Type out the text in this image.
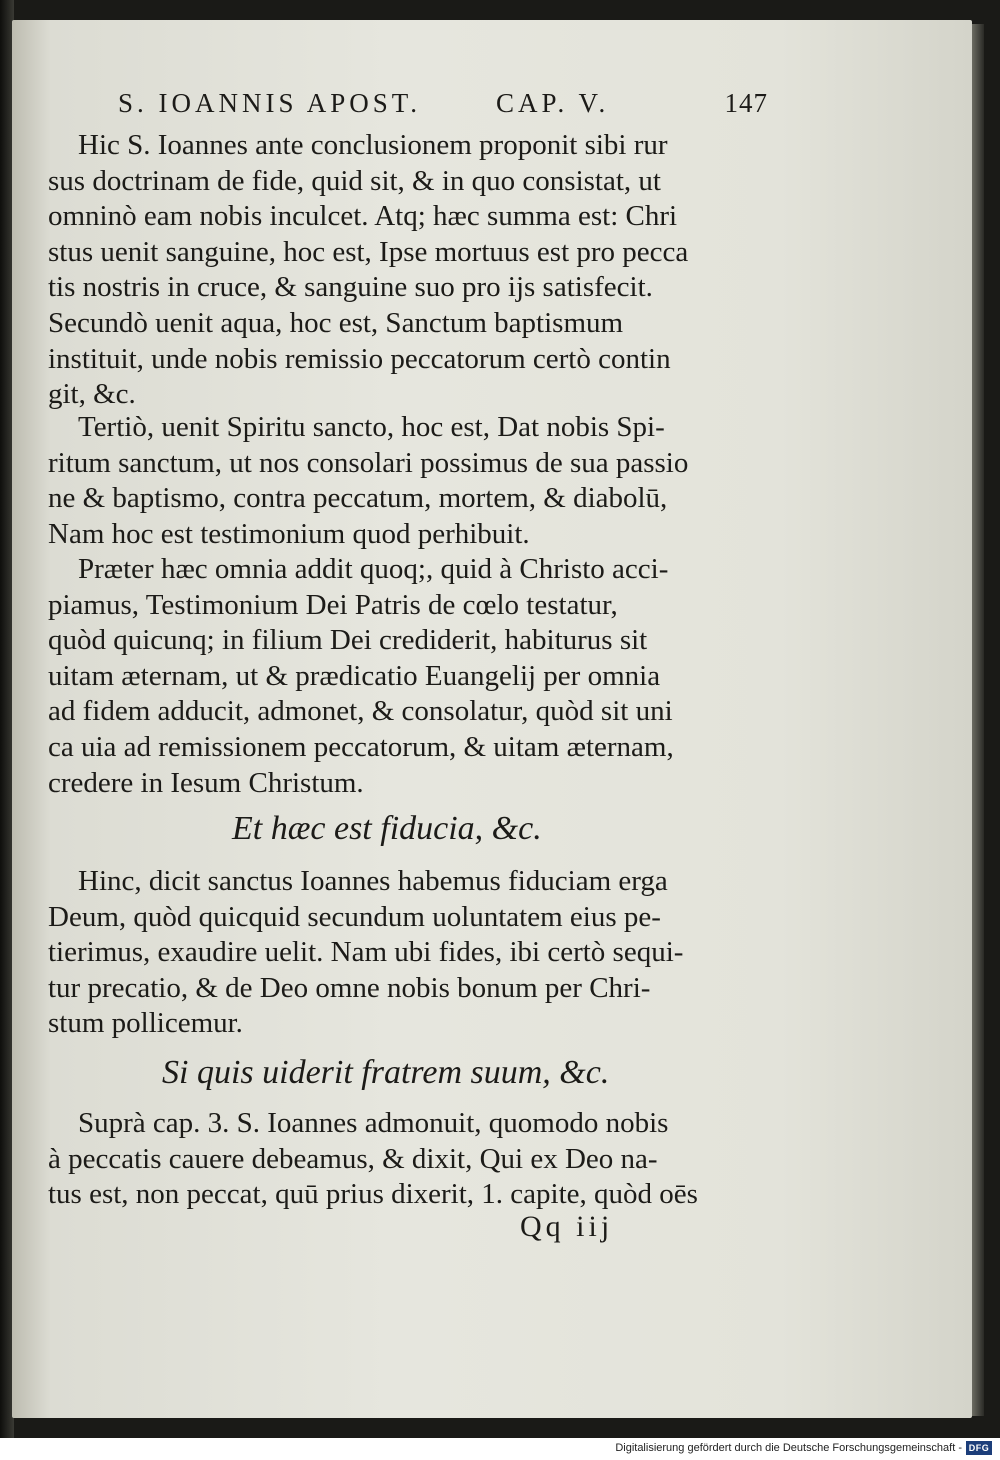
S. IOANNIS APOST.	CAP. V.	147

Hic S. Ioannes ante conclusionem proponit sibi rur

sus doctrinam de fide, quid sit, & in quo consistat, ut

omninò eam nobis inculcet. Atq; hæc summa est: Chri

stus uenit sanguine, hoc est, Ipse mortuus est pro pecca

tis nostris in cruce, & sanguine suo pro ijs satisfecit.

Secundò uenit aqua, hoc est, Sanctum baptismum

instituit, unde nobis remissio peccatorum certò contin

git, &c.

Tertiò, uenit Spiritu sancto, hoc est, Dat nobis Spi-

ritum sanctum, ut nos consolari possimus de sua passio

ne & baptismo, contra peccatum, mortem, & diabolū,

Nam hoc est testimonium quod perhibuit.

Præter hæc omnia addit quoq;, quid à Christo acci-

piamus, Testimonium Dei Patris de cœlo testatur,

quòd quicunq; in filium Dei crediderit, habiturus sit

uitam æternam, ut & prædicatio Euangelij per omnia

ad fidem adducit, admonet, & consolatur, quòd sit uni

ca uia ad remissionem peccatorum, & uitam æternam,

credere in Iesum Christum.

Et hæc est fiducia, &c.

Hinc, dicit sanctus Ioannes habemus fiduciam erga

Deum, quòd quicquid secundum uoluntatem eius pe-

tierimus, exaudire uelit. Nam ubi fides, ibi certò sequi-

tur precatio, & de Deo omne nobis bonum per Chri-

stum pollicemur.

Si quis uiderit fratrem suum, &c.

Suprà cap. 3. S. Ioannes admonuit, quomodo nobis

à peccatis cauere debeamus, & dixit, Qui ex Deo na-

tus est, non peccat, quū prius dixerit, 1. capite, quòd oēs

Qq iij
Digitalisierung gefördert durch die Deutsche Forschungsgemeinschaft - DFG
